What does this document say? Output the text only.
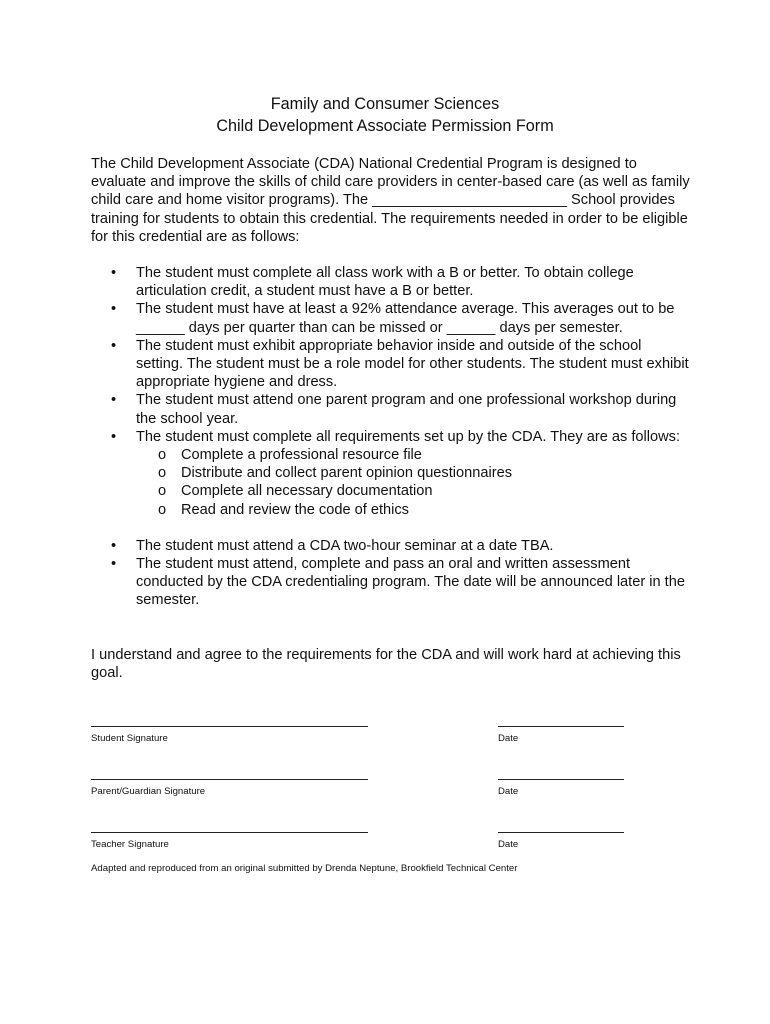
Family and Consumer Sciences
Child Development Associate Permission Form

The Child Development Associate (CDA) National Credential Program is designed to evaluate and improve the skills of child care providers in center-based care (as well as family child care and home visitor programs). The ________________________ School provides training for students to obtain this credential. The requirements needed in order to be eligible for this credential are as follows:

• The student must complete all class work with a B or better. To obtain college articulation credit, a student must have a B or better.
• The student must have at least a 92% attendance average. This averages out to be ______ days per quarter than can be missed or ______ days per semester.
• The student must exhibit appropriate behavior inside and outside of the school setting. The student must be a role model for other students. The student must exhibit appropriate hygiene and dress.
• The student must attend one parent program and one professional workshop during the school year.
• The student must complete all requirements set up by the CDA. They are as follows:
o Complete a professional resource file
o Distribute and collect parent opinion questionnaires
o Complete all necessary documentation
o Read and review the code of ethics
• The student must attend a CDA two-hour seminar at a date TBA.
• The student must attend, complete and pass an oral and written assessment conducted by the CDA credentialing program. The date will be announced later in the semester.

I understand and agree to the requirements for the CDA and will work hard at achieving this goal.

Student Signature	Date
Parent/Guardian Signature	Date
Teacher Signature	Date
Adapted and reproduced from an original submitted by Drenda Neptune, Brookfield Technical Center
